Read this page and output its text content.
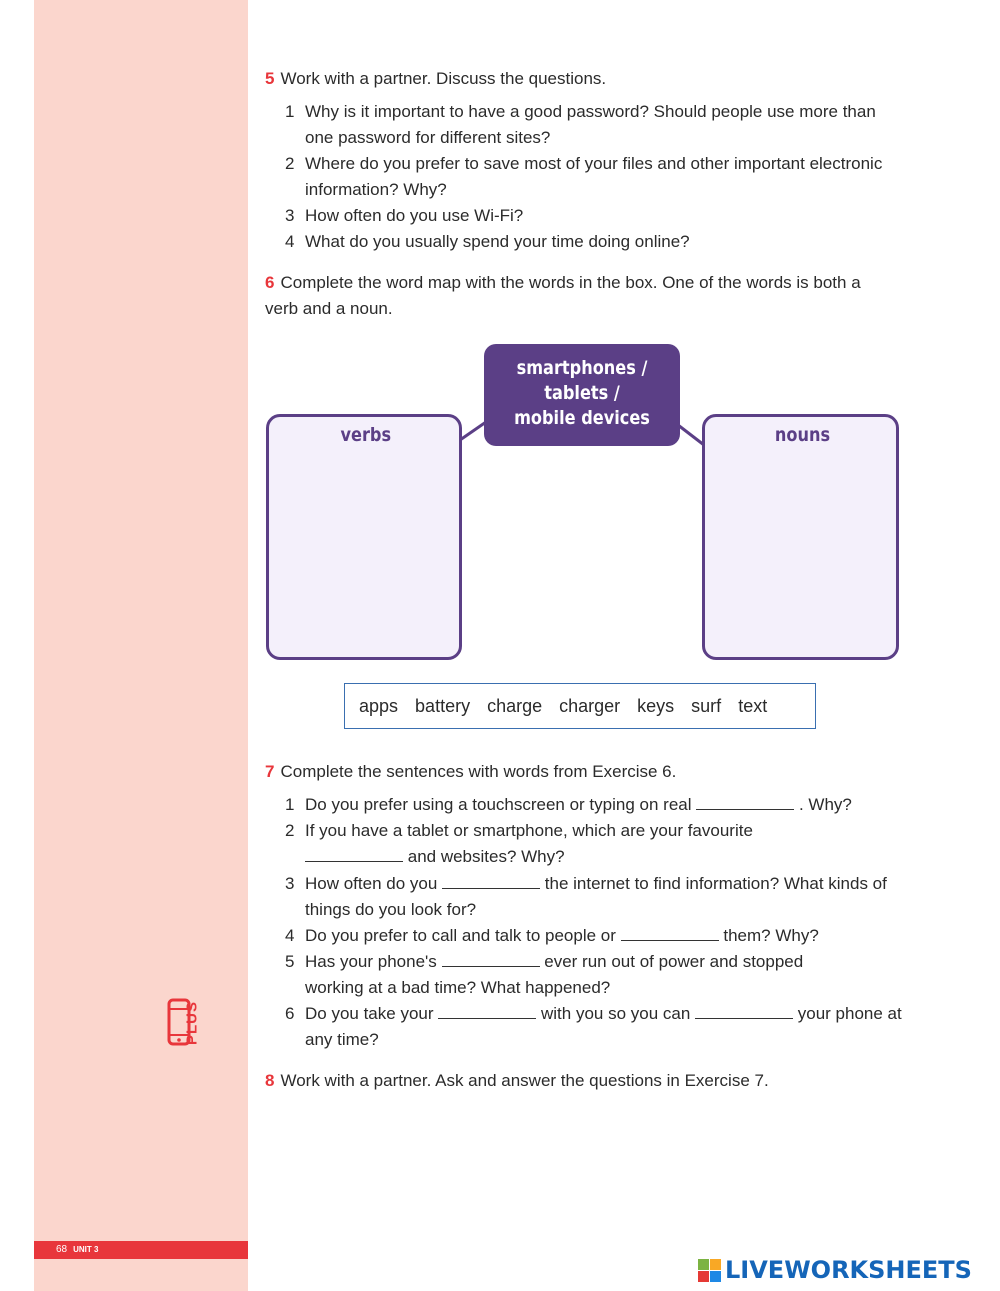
PLUS
5 Work with a partner. Discuss the questions.
1 Why is it important to have a good password? Should people use more than one password for different sites?
2 Where do you prefer to save most of your files and other important electronic information? Why?
3 How often do you use Wi-Fi?
4 What do you usually spend your time doing online?
6 Complete the word map with the words in the box. One of the words is both a verb and a noun.
verbs	nouns
smartphones /
tablets /
mobile devices
apps battery charge charger keys surf text
7 Complete the sentences with words from Exercise 6.
1 Do you prefer using a touchscreen or typing on real	. Why?
2 If you have a tablet or smartphone, which are your favourite
and websites? Why?
3 How often do you	the internet to find information? What kinds of things do you look for?
4 Do you prefer to call and talk to people or	them? Why?
5 Has your phone's	ever run out of power and stopped working at a bad time? What happened?
6 Do you take your	with you so you can	your phone at any time?
8 Work with a partner. Ask and answer the questions in Exercise 7.
68 UNIT 3
LIVEWORKSHEETS
